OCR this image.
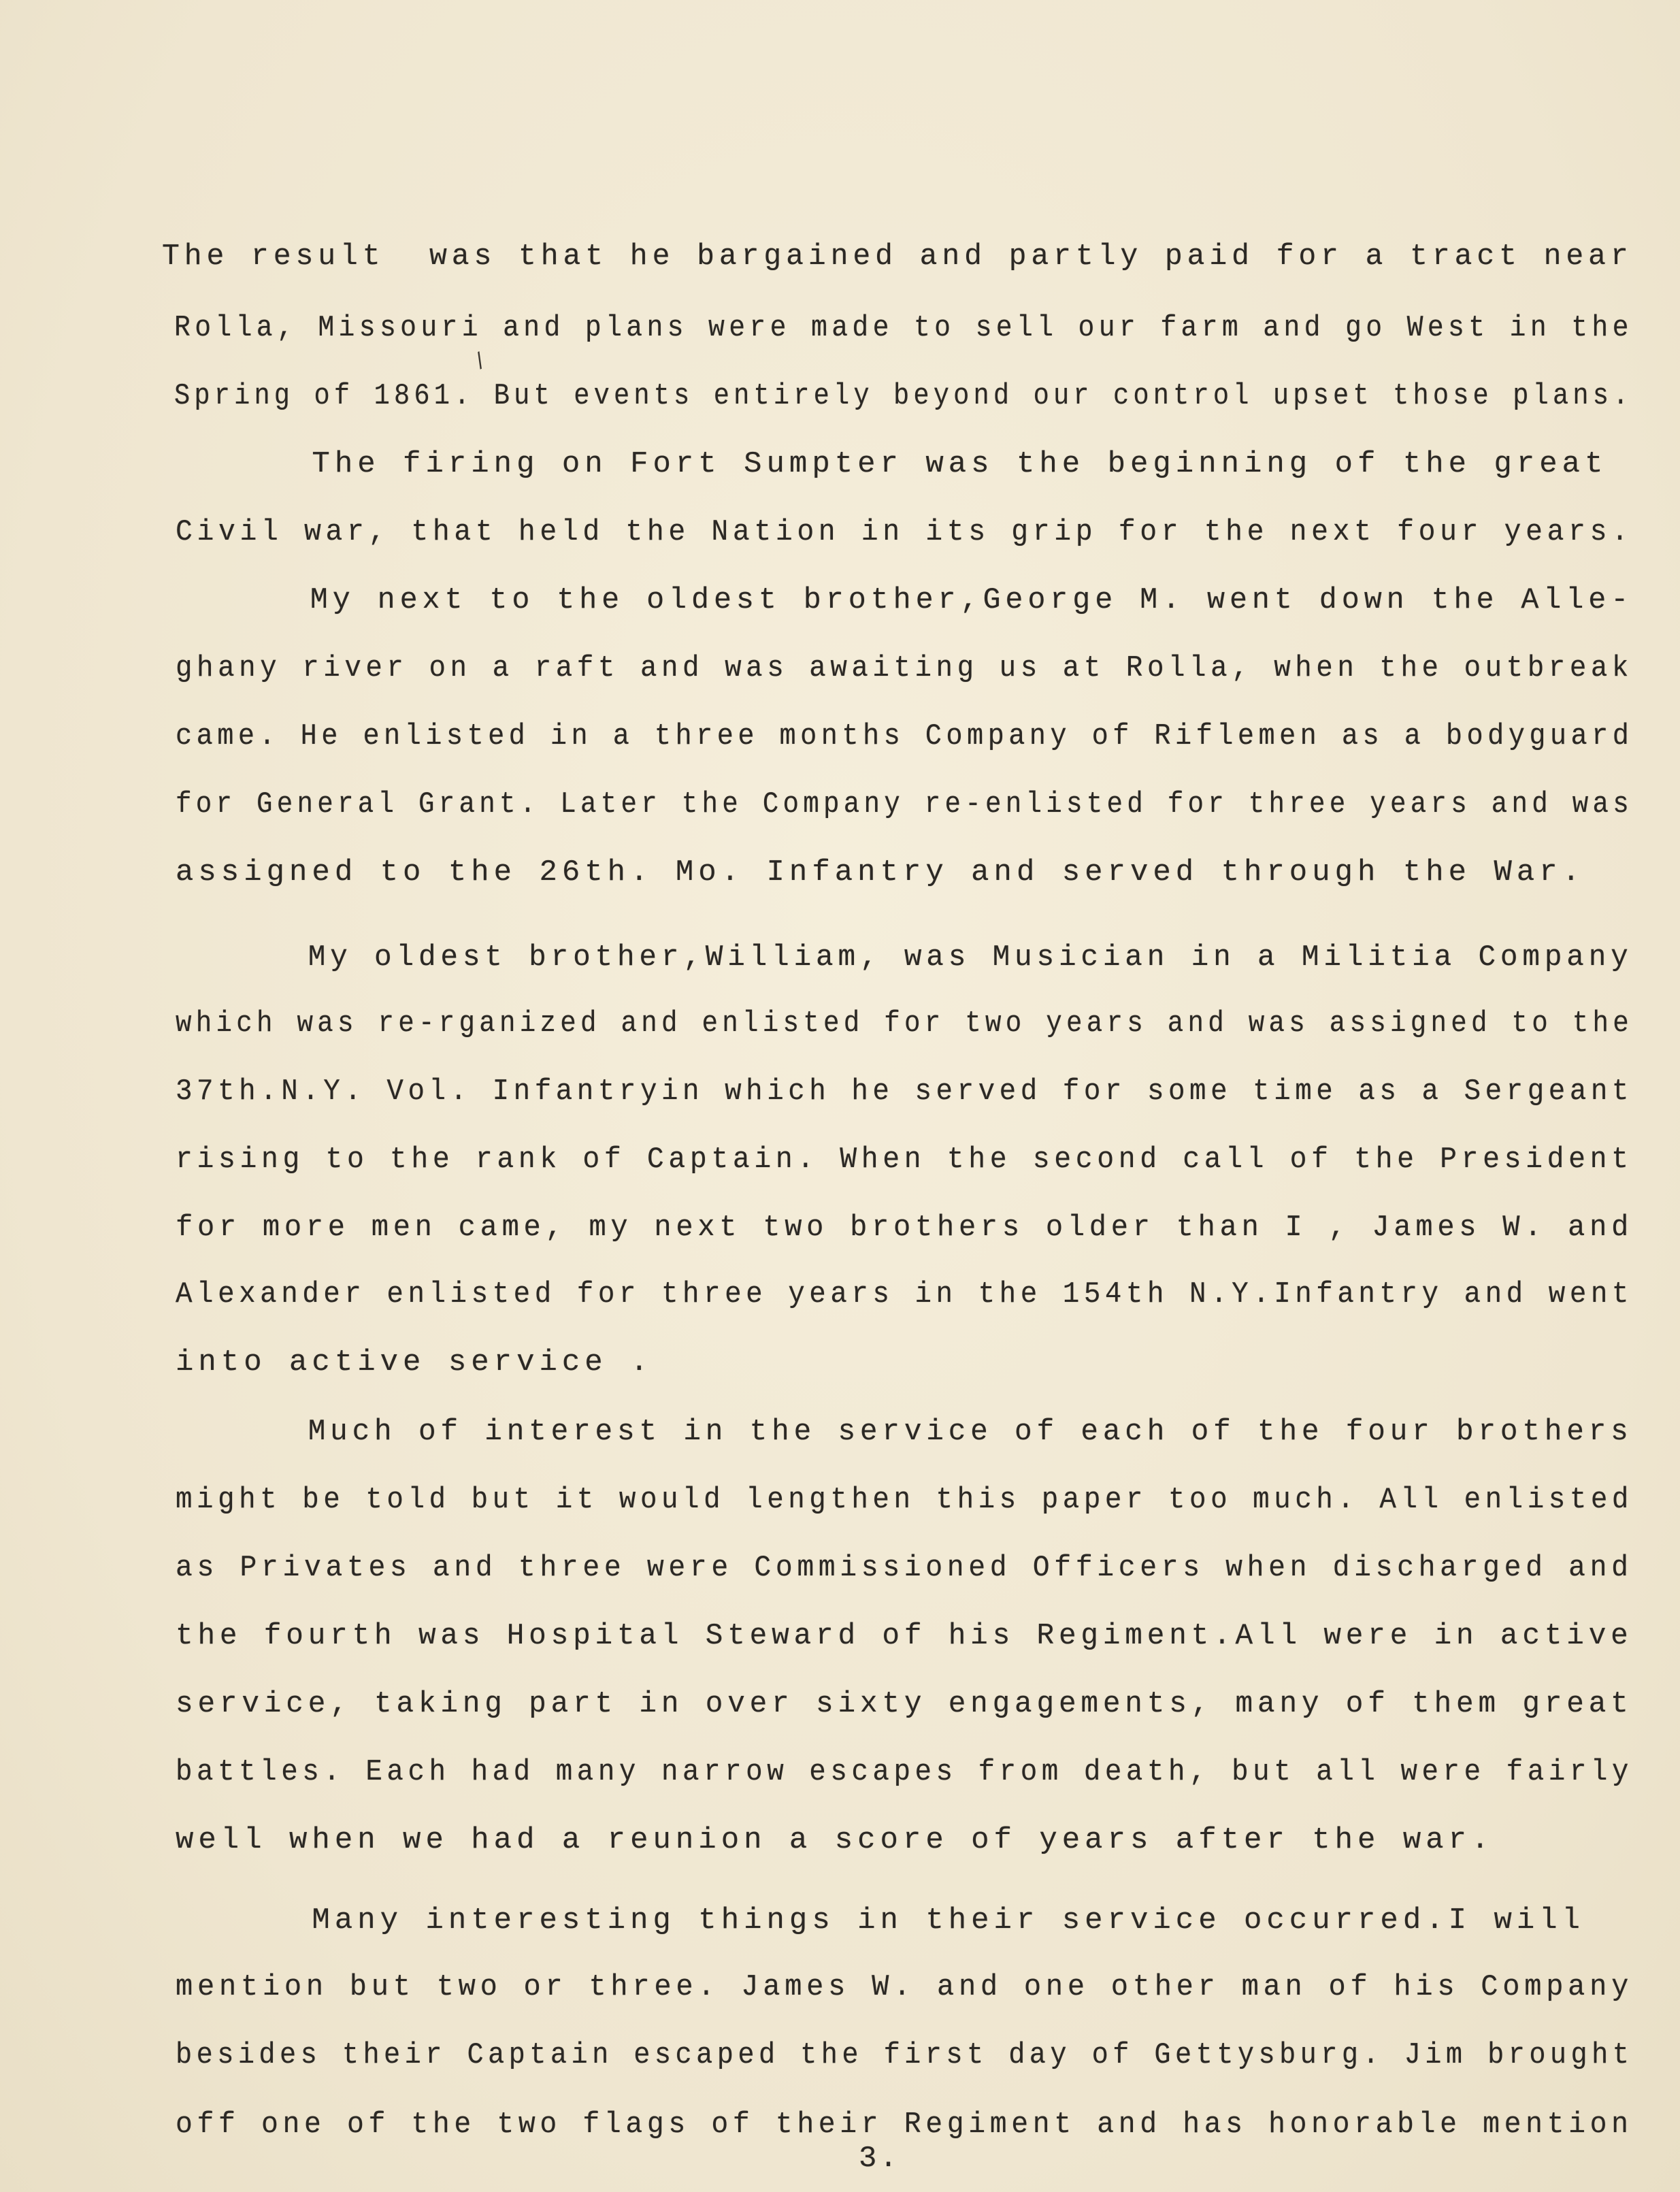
/
The result  was that he bargained and partly paid for a tract near
Rolla, Missouri and plans were made to sell our farm and go West in the
Spring of 1861. But events entirely beyond our control upset those plans.
The firing on Fort Sumpter was the beginning of the great
Civil war, that held the Nation in its grip for the next four years.
My next to the oldest brother,George M. went down the Alle-
ghany river on a raft and was awaiting us at Rolla, when the outbreak
came. He enlisted in a three months Company of Riflemen as a bodyguard
for General Grant. Later the Company re-enlisted for three years and was
assigned to the 26th. Mo. Infantry and served through the War.
My oldest brother,William, was Musician in a Militia Company
which was re-rganized and enlisted for two years and was assigned to the
37th.N.Y. Vol. Infantryin which he served for some time as a Sergeant
rising to the rank of Captain. When the second call of the President
for more men came, my next two brothers older than I , James W. and
Alexander enlisted for three years in the 154th N.Y.Infantry and went
into active service .
Much of interest in the service of each of the four brothers
might be told but it would lengthen this paper too much. All enlisted
as Privates and three were Commissioned Officers when discharged and
the fourth was Hospital Steward of his Regiment.All were in active
service, taking part in over sixty engagements, many of them great
battles. Each had many narrow escapes from death, but all were fairly
well when we had a reunion a score of years after the war.
Many interesting things in their service occurred.I will
mention but two or three. James W. and one other man of his Company
besides their Captain escaped the first day of Gettysburg. Jim brought
off one of the two flags of their Regiment and has honorable mention
3.
